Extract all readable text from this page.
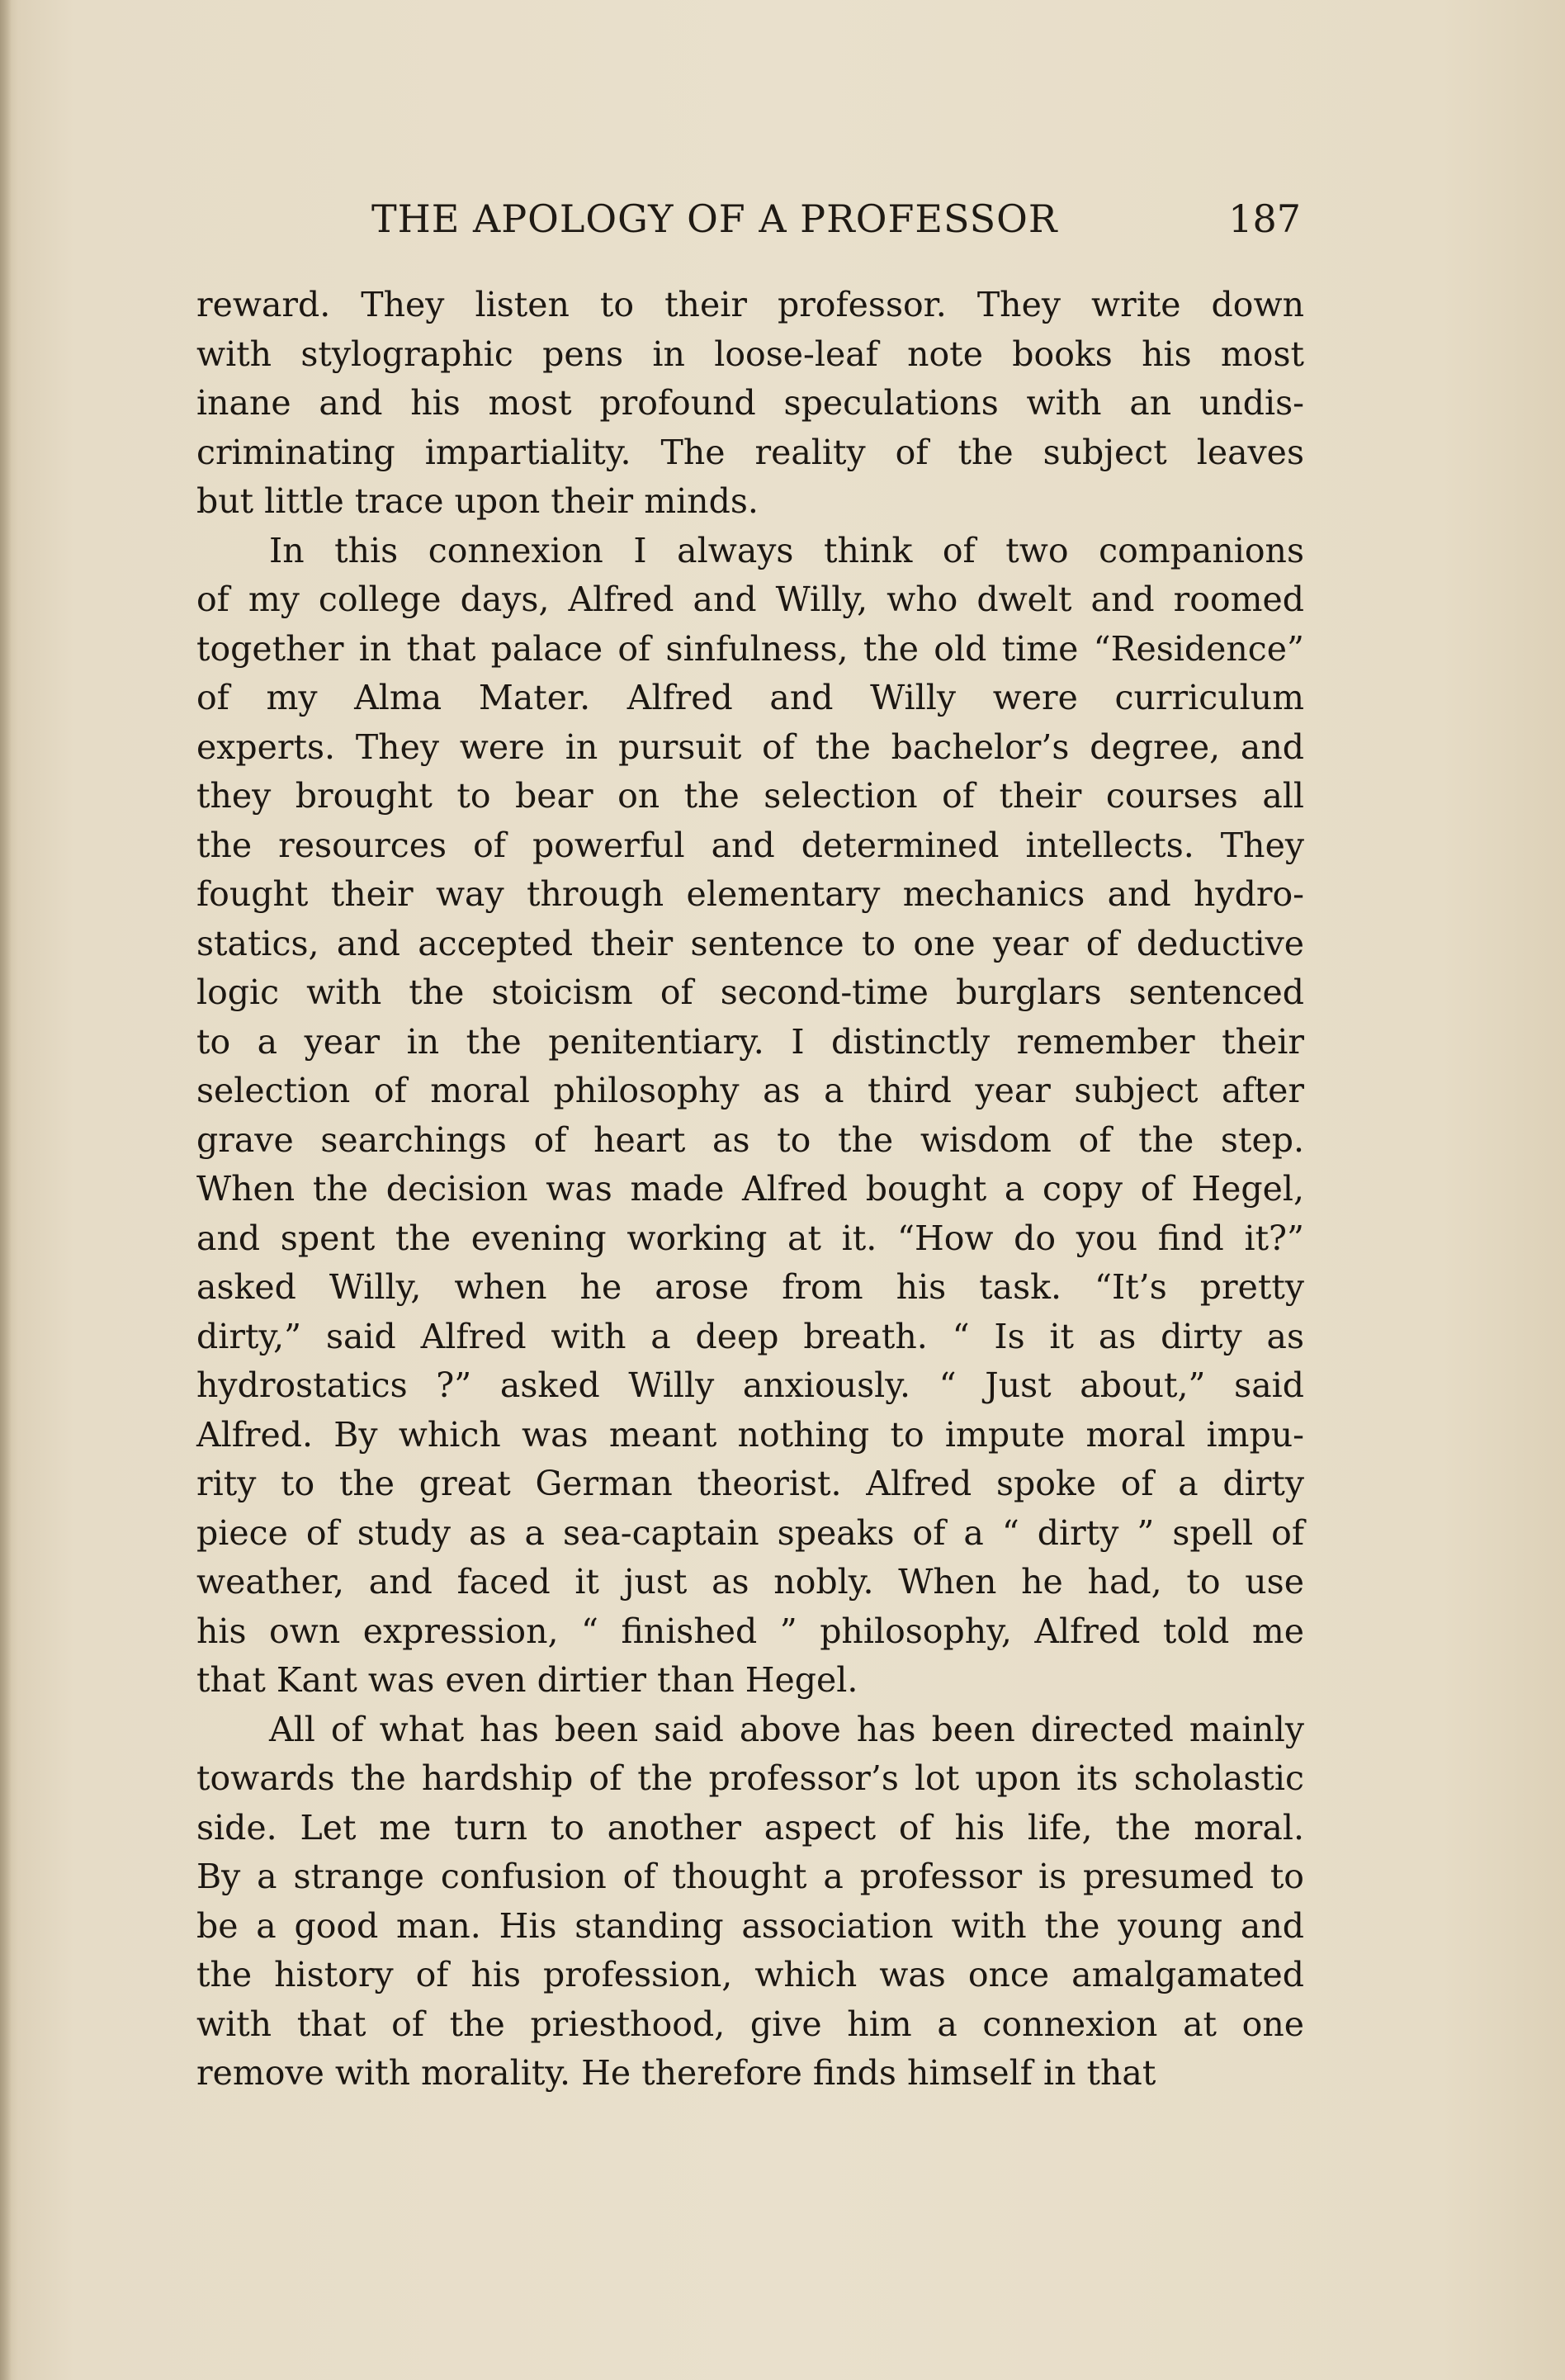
THE APOLOGY OF A PROFESSOR	187
reward. They listen to their professor. They write down
with stylographic pens in loose-leaf note books his most
inane and his most profound speculations with an undis-
criminating impartiality. The reality of the subject leaves
but little trace upon their minds.
In this connexion I always think of two companions
of my college days, Alfred and Willy, who dwelt and roomed
together in that palace of sinfulness, the old time “Residence”
of my Alma Mater. Alfred and Willy were curriculum
experts. They were in pursuit of the bachelor’s degree, and
they brought to bear on the selection of their courses all
the resources of powerful and determined intellects. They
fought their way through elementary mechanics and hydro-
statics, and accepted their sentence to one year of deductive
logic with the stoicism of second-time burglars sentenced
to a year in the penitentiary. I distinctly remember their
selection of moral philosophy as a third year subject after
grave searchings of heart as to the wisdom of the step.
When the decision was made Alfred bought a copy of Hegel,
and spent the evening working at it. “How do you find it?”
asked Willy, when he arose from his task. “It’s pretty
dirty,” said Alfred with a deep breath. “ Is it as dirty as
hydrostatics ?” asked Willy anxiously. “ Just about,” said
Alfred. By which was meant nothing to impute moral impu-
rity to the great German theorist. Alfred spoke of a dirty
piece of study as a sea-captain speaks of a “ dirty ” spell of
weather, and faced it just as nobly. When he had, to use
his own expression, “ finished ” philosophy, Alfred told me
that Kant was even dirtier than Hegel.
All of what has been said above has been directed mainly
towards the hardship of the professor’s lot upon its scholastic
side. Let me turn to another aspect of his life, the moral.
By a strange confusion of thought a professor is presumed to
be a good man. His standing association with the young and
the history of his profession, which was once amalgamated
with that of the priesthood, give him a connexion at one
remove with morality. He therefore finds himself in that
